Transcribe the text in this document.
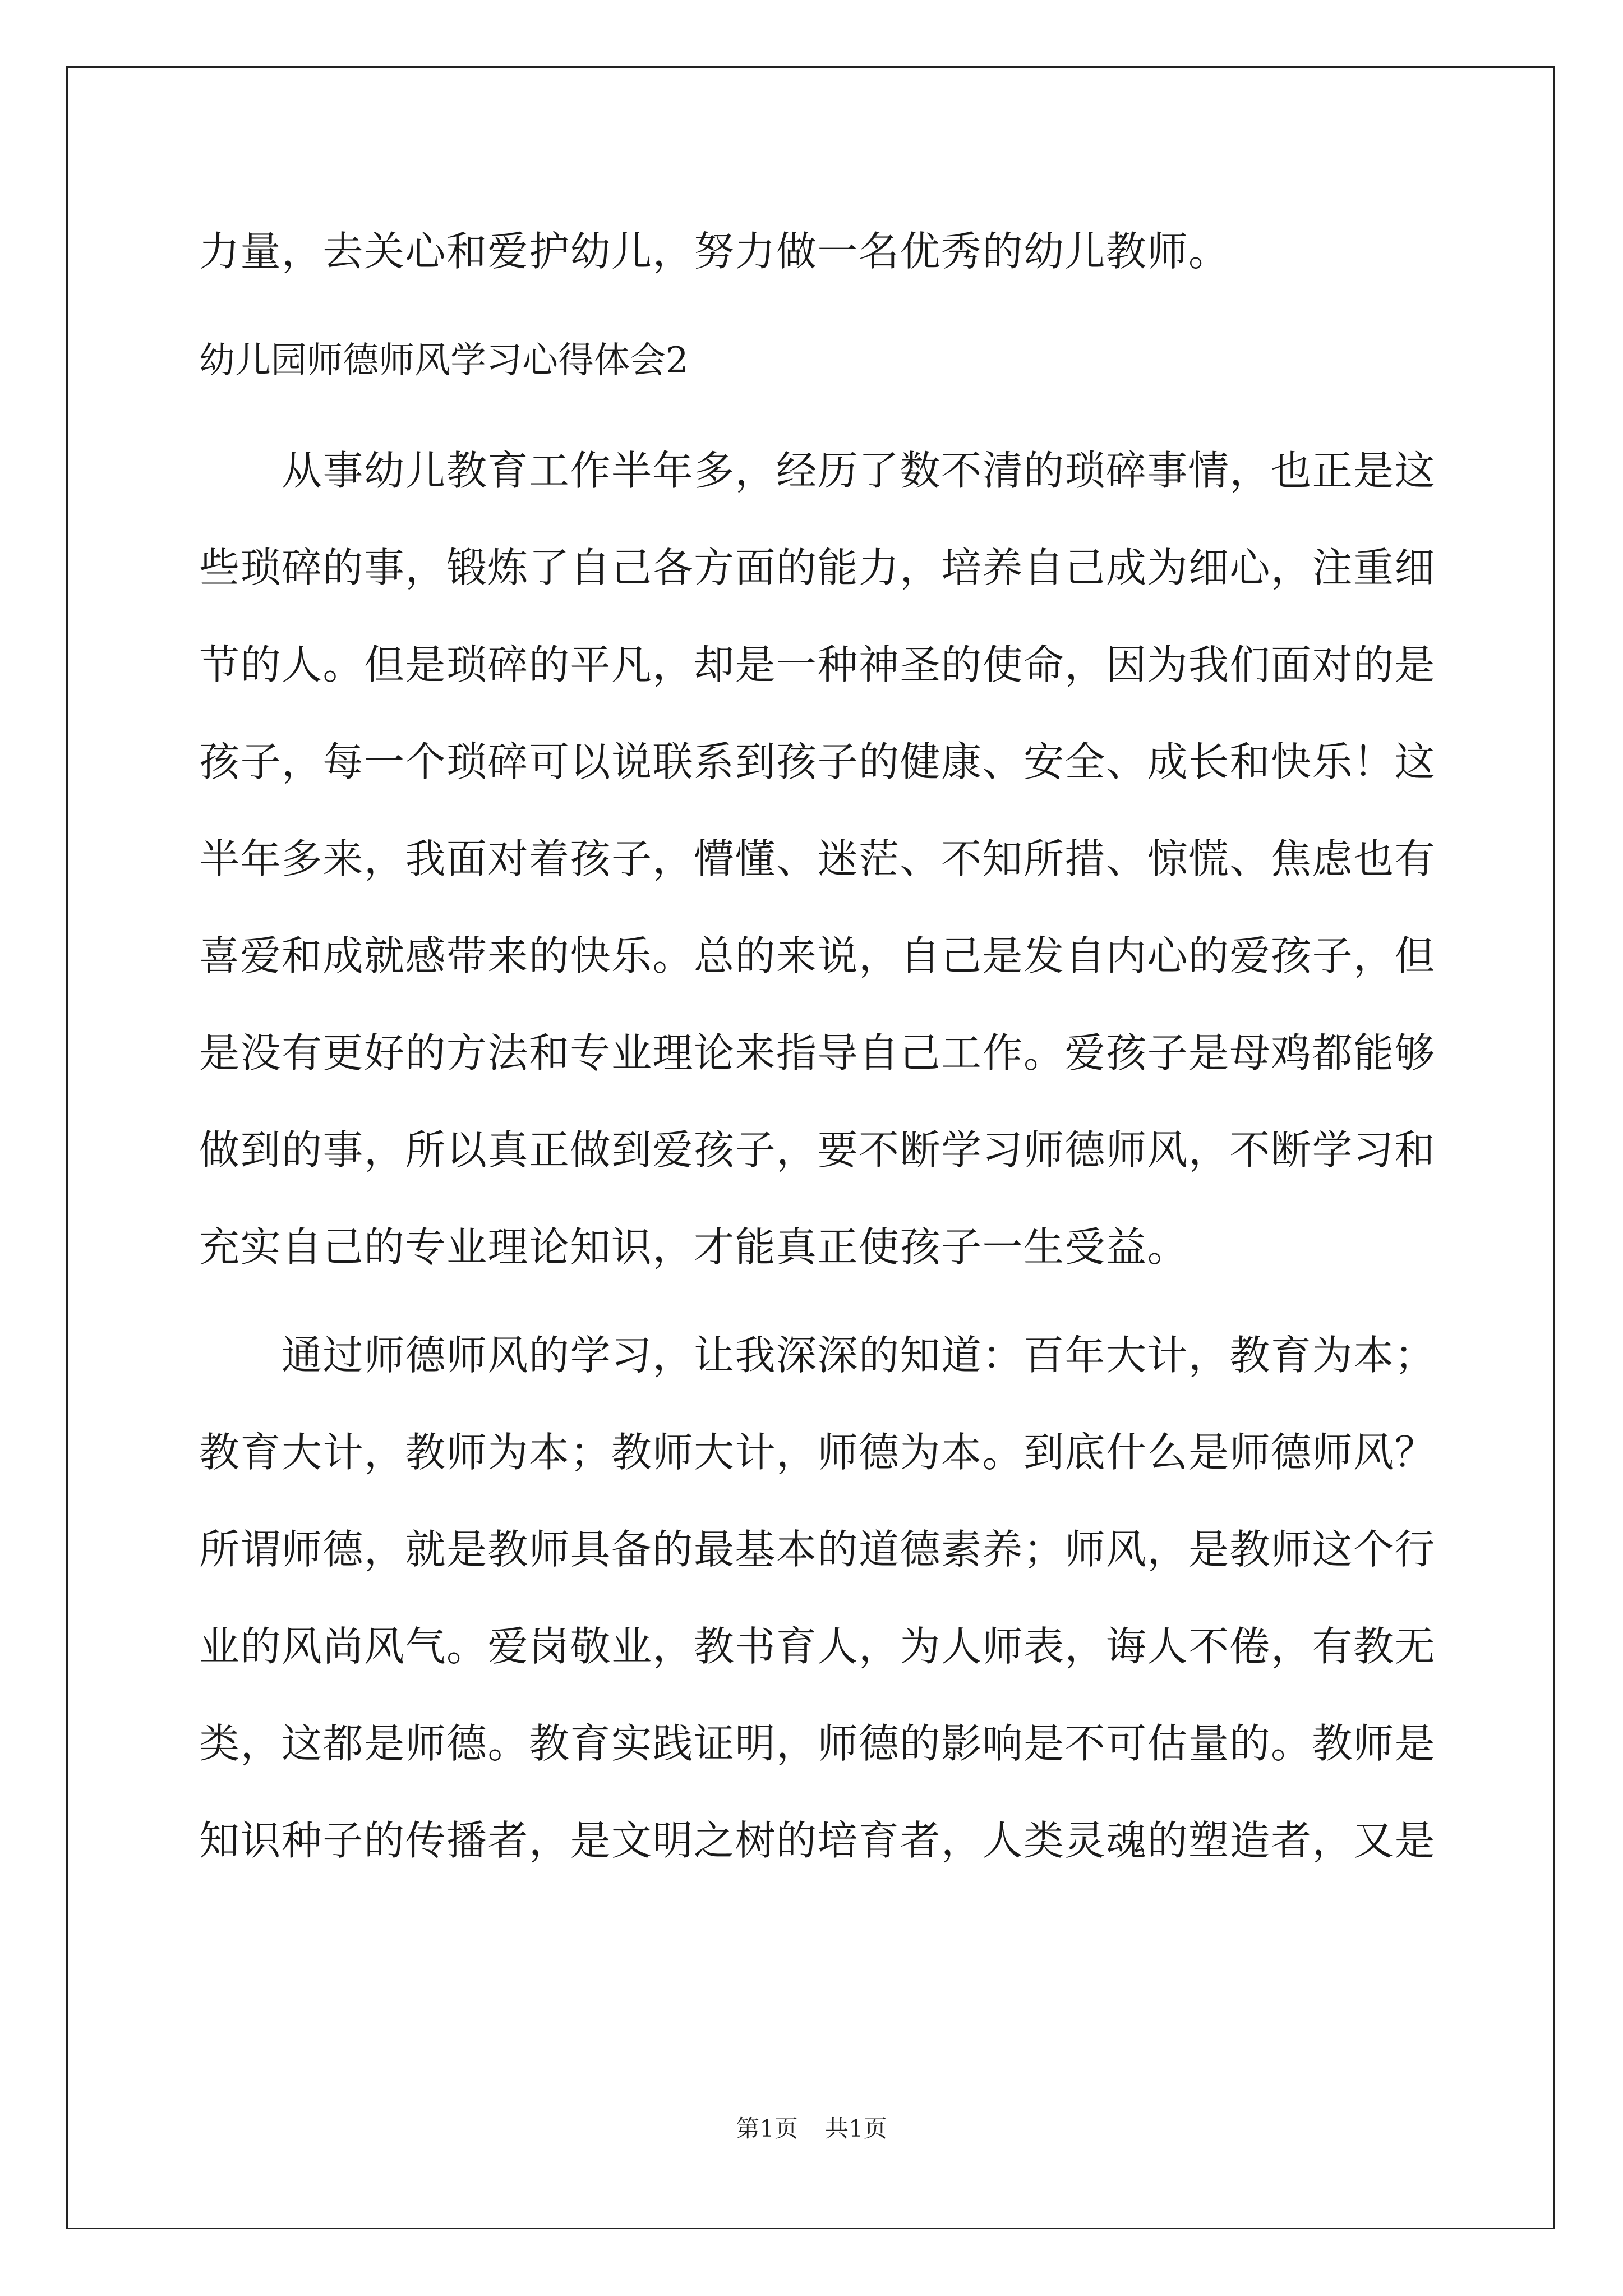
力量，去关心和爱护幼儿，努力做一名优秀的幼儿教师。
幼儿园师德师风学习心得体会2
　　从事幼儿教育工作半年多，经历了数不清的琐碎事情，也正是这
些琐碎的事，锻炼了自己各方面的能力，培养自己成为细心，注重细
节的人。但是琐碎的平凡，却是一种神圣的使命，因为我们面对的是
孩子，每一个琐碎可以说联系到孩子的健康、安全、成长和快乐！这
半年多来，我面对着孩子，懵懂、迷茫、不知所措、惊慌、焦虑也有
喜爱和成就感带来的快乐。总的来说，自己是发自内心的爱孩子，但
是没有更好的方法和专业理论来指导自己工作。爱孩子是母鸡都能够
做到的事，所以真正做到爱孩子，要不断学习师德师风，不断学习和
充实自己的专业理论知识，才能真正使孩子一生受益。
　　通过师德师风的学习，让我深深的知道：百年大计，教育为本；
教育大计，教师为本；教师大计，师德为本。到底什么是师德师风？
所谓师德，就是教师具备的最基本的道德素养；师风，是教师这个行
业的风尚风气。爱岗敬业，教书育人，为人师表，诲人不倦，有教无
类，这都是师德。教育实践证明，师德的影响是不可估量的。教师是
知识种子的传播者，是文明之树的培育者，人类灵魂的塑造者，又是
第1页 共1页
